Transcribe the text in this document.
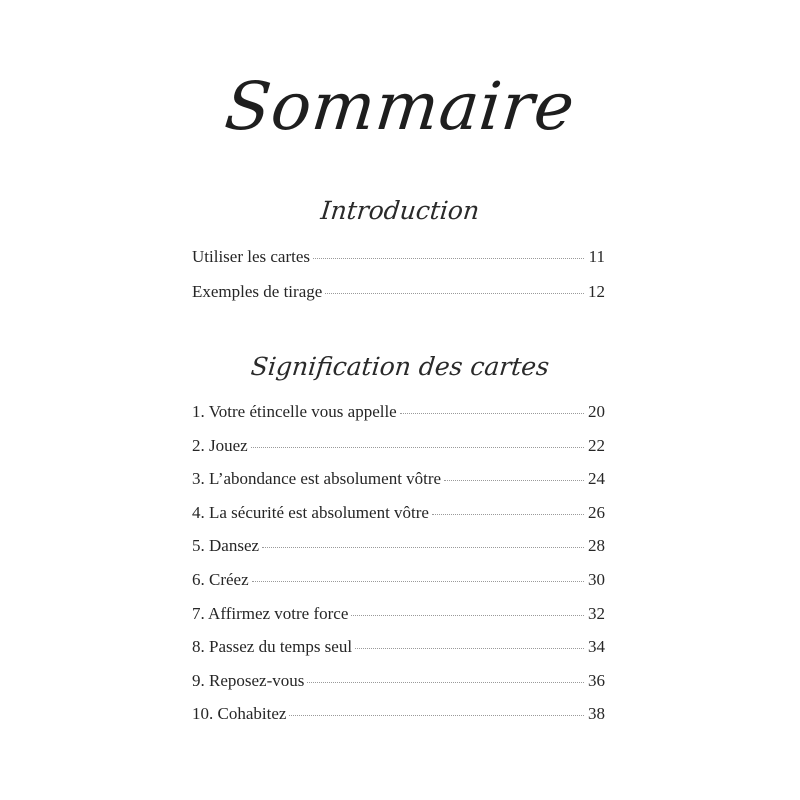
Sommaire
Introduction
Utiliser les cartes	11
Exemples de tirage	12
Signification des cartes
1. Votre étincelle vous appelle	20
2. Jouez	22
3. L’abondance est absolument vôtre	24
4. La sécurité est absolument vôtre	26
5. Dansez	28
6. Créez	30
7. Affirmez votre force	32
8. Passez du temps seul	34
9. Reposez-vous	36
10. Cohabitez	38
